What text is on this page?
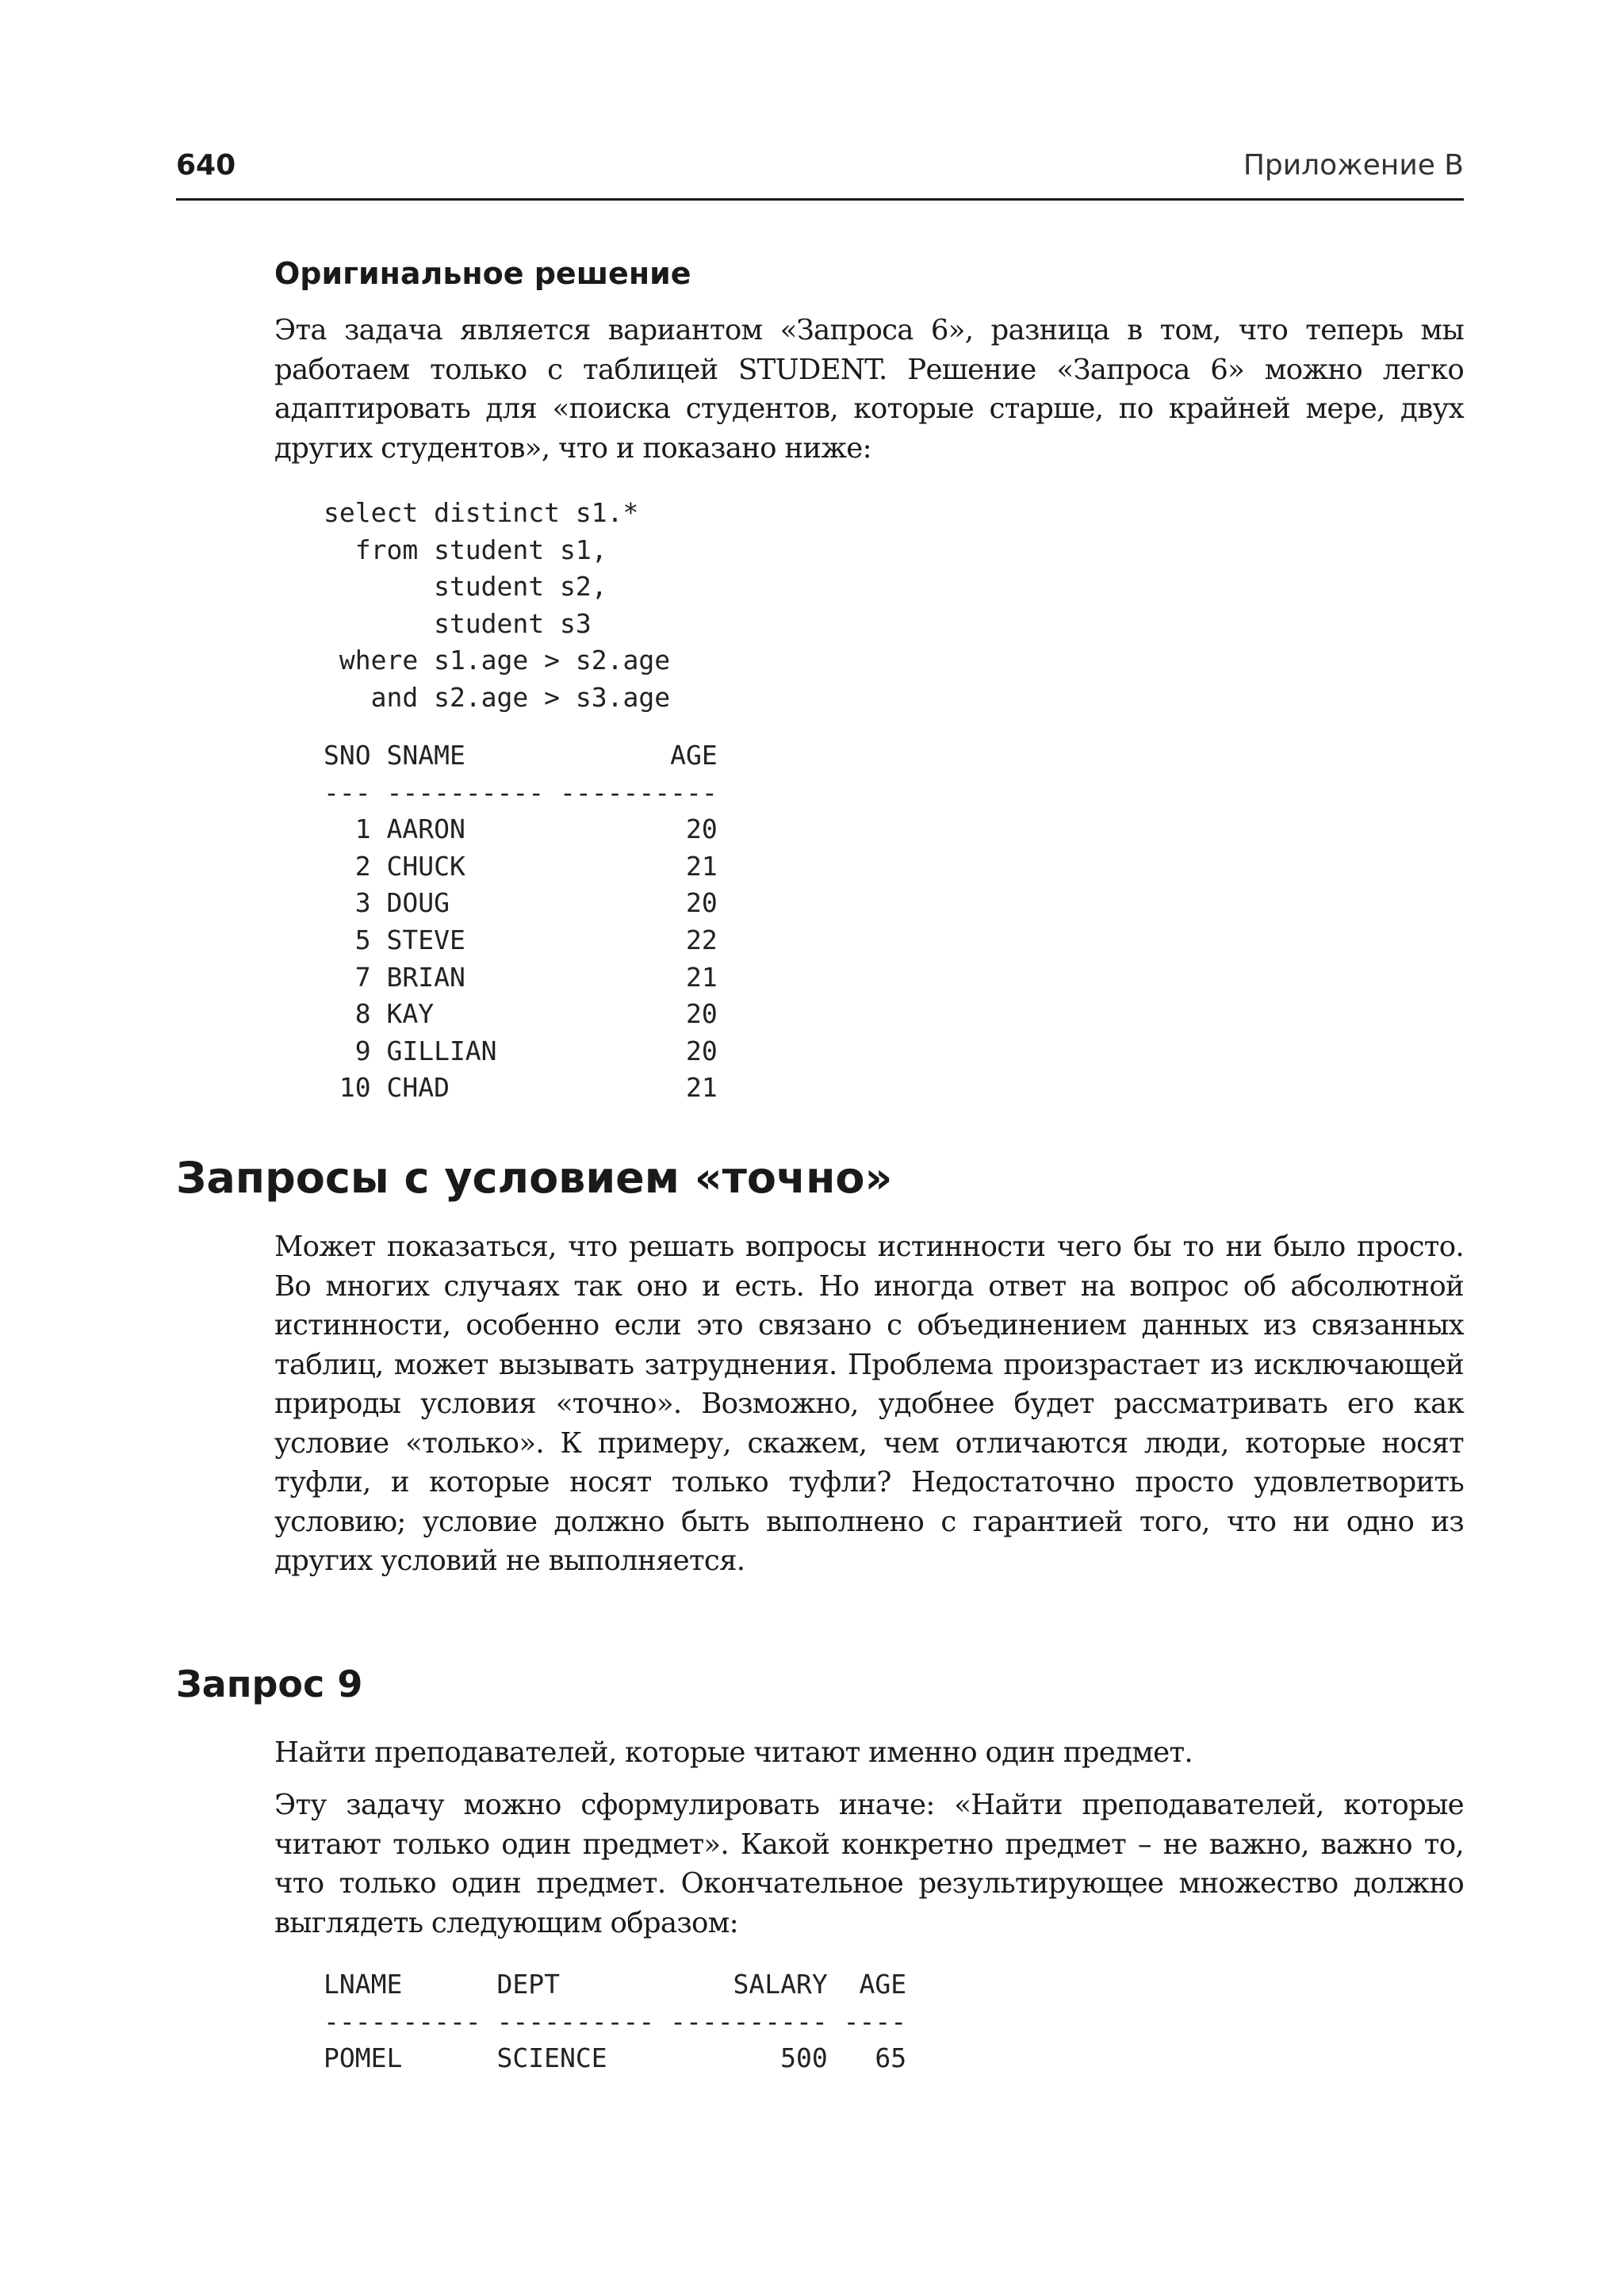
640	Приложение В
Оригинальное решение

Эта задача является вариантом «Запроса 6», разница в том, что теперь мы работаем только с таблицей STUDENT. Решение «Запроса 6» можно легко адаптировать для «поиска студентов, которые старше, по крайней мере, двух других студентов», что и показано ниже:

select distinct s1.*
from student s1,
student s2,
student s3
where s1.age > s2.age
and s2.age > s3.age
SNO SNAME             AGE
--- ---------- ----------
1 AARON              20
2 CHUCK              21
3 DOUG               20
5 STEVE              22
7 BRIAN              21
8 KAY                20
9 GILLIAN            20
10 CHAD               21
Запросы с условием «точно»

Может показаться, что решать вопросы истинности чего бы то ни было просто. Во многих случаях так оно и есть. Но иногда ответ на вопрос об абсолютной истинности, особенно если это связано с объединением данных из связанных таблиц, может вызывать затруднения. Проблема произрастает из исключающей природы условия «точно». Возможно, удобнее будет рассматривать его как условие «только». К примеру, скажем, чем отличаются люди, которые носят туфли, и которые носят только туфли? Недостаточно просто удовлетворить условию; условие должно быть выполнено с гарантией того, что ни одно из других условий не выполняется.

Запрос 9

Найти преподавателей, которые читают именно один предмет.

Эту задачу можно сформулировать иначе: «Найти преподавателей, которые читают только один предмет». Какой конкретно предмет – не важно, важно то, что только один предмет. Окончательное результирующее множество должно выглядеть следующим образом:

LNAME      DEPT           SALARY  AGE
---------- ---------- ---------- ----
POMEL      SCIENCE           500   65
